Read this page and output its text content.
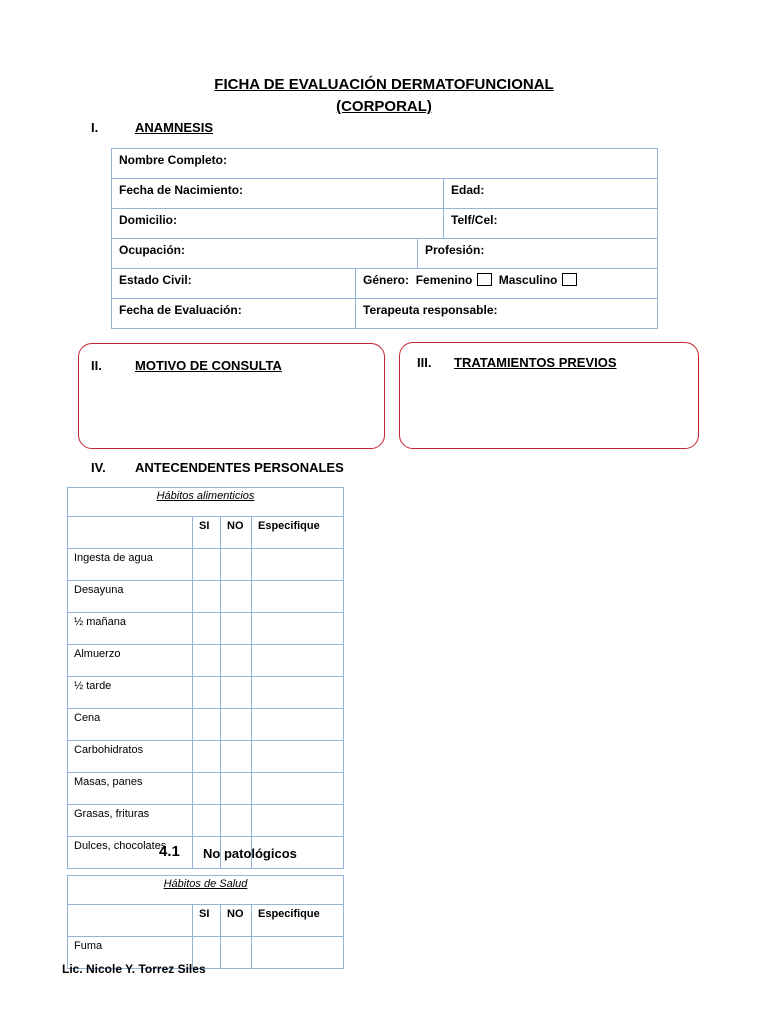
FICHA DE EVALUACIÓN DERMATOFUNCIONAL
(CORPORAL)
I.	ANAMNESIS
Nombre Completo:
Fecha de Nacimiento:	Edad:
Domicilio:	Telf/Cel:
Ocupación:	Profesión:
Estado Civil:	Género: Femenino Masculino
Fecha de Evaluación:	Terapeuta responsable:
II.	MOTIVO DE CONSULTA	III. TRATAMIENTOS PREVIOS
IV. ANTECENDENTES PERSONALES
Hábitos alimenticios			
	SI	NO	Especifique
Ingesta de agua			
Desayuna			
½ mañana			
Almuerzo			
½ tarde			
Cena			
Carbohidratos			
Masas, panes			
Grasas, frituras			
Dulces, chocolates			
4.1 No patológicos
Hábitos de Salud			
	SI	NO	Especifique
Fuma			
Lic. Nicole Y. Torrez Siles
